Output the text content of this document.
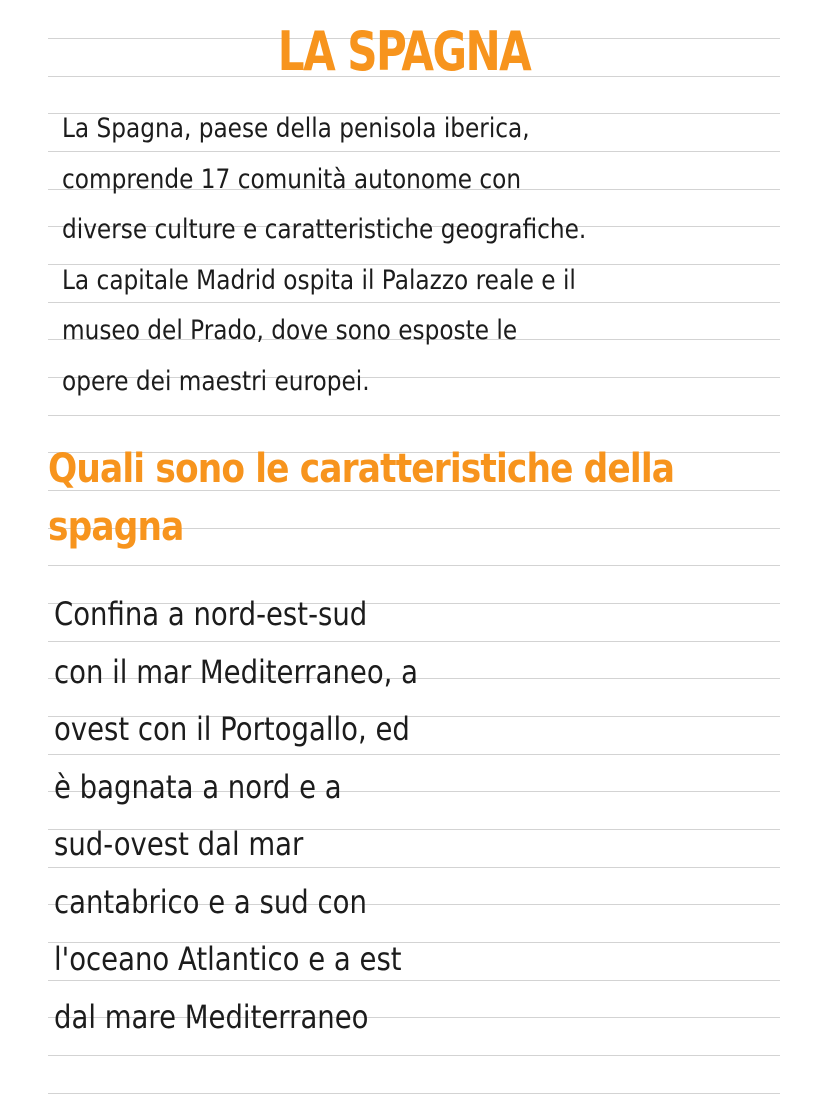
LA SPAGNA

La Spagna, paese della penisola iberica,
comprende 17 comunità autonome con
diverse culture e caratteristiche geografiche.
La capitale Madrid ospita il Palazzo reale e il
museo del Prado, dove sono esposte le
opere dei maestri europei.

Quali sono le caratteristiche della
spagna

Confina a nord-est-sud
con il mar Mediterraneo, a
ovest con il Portogallo, ed
è bagnata a nord e a
sud-ovest dal mar
cantabrico e a sud con
l'oceano Atlantico e a est
dal mare Mediterraneo
